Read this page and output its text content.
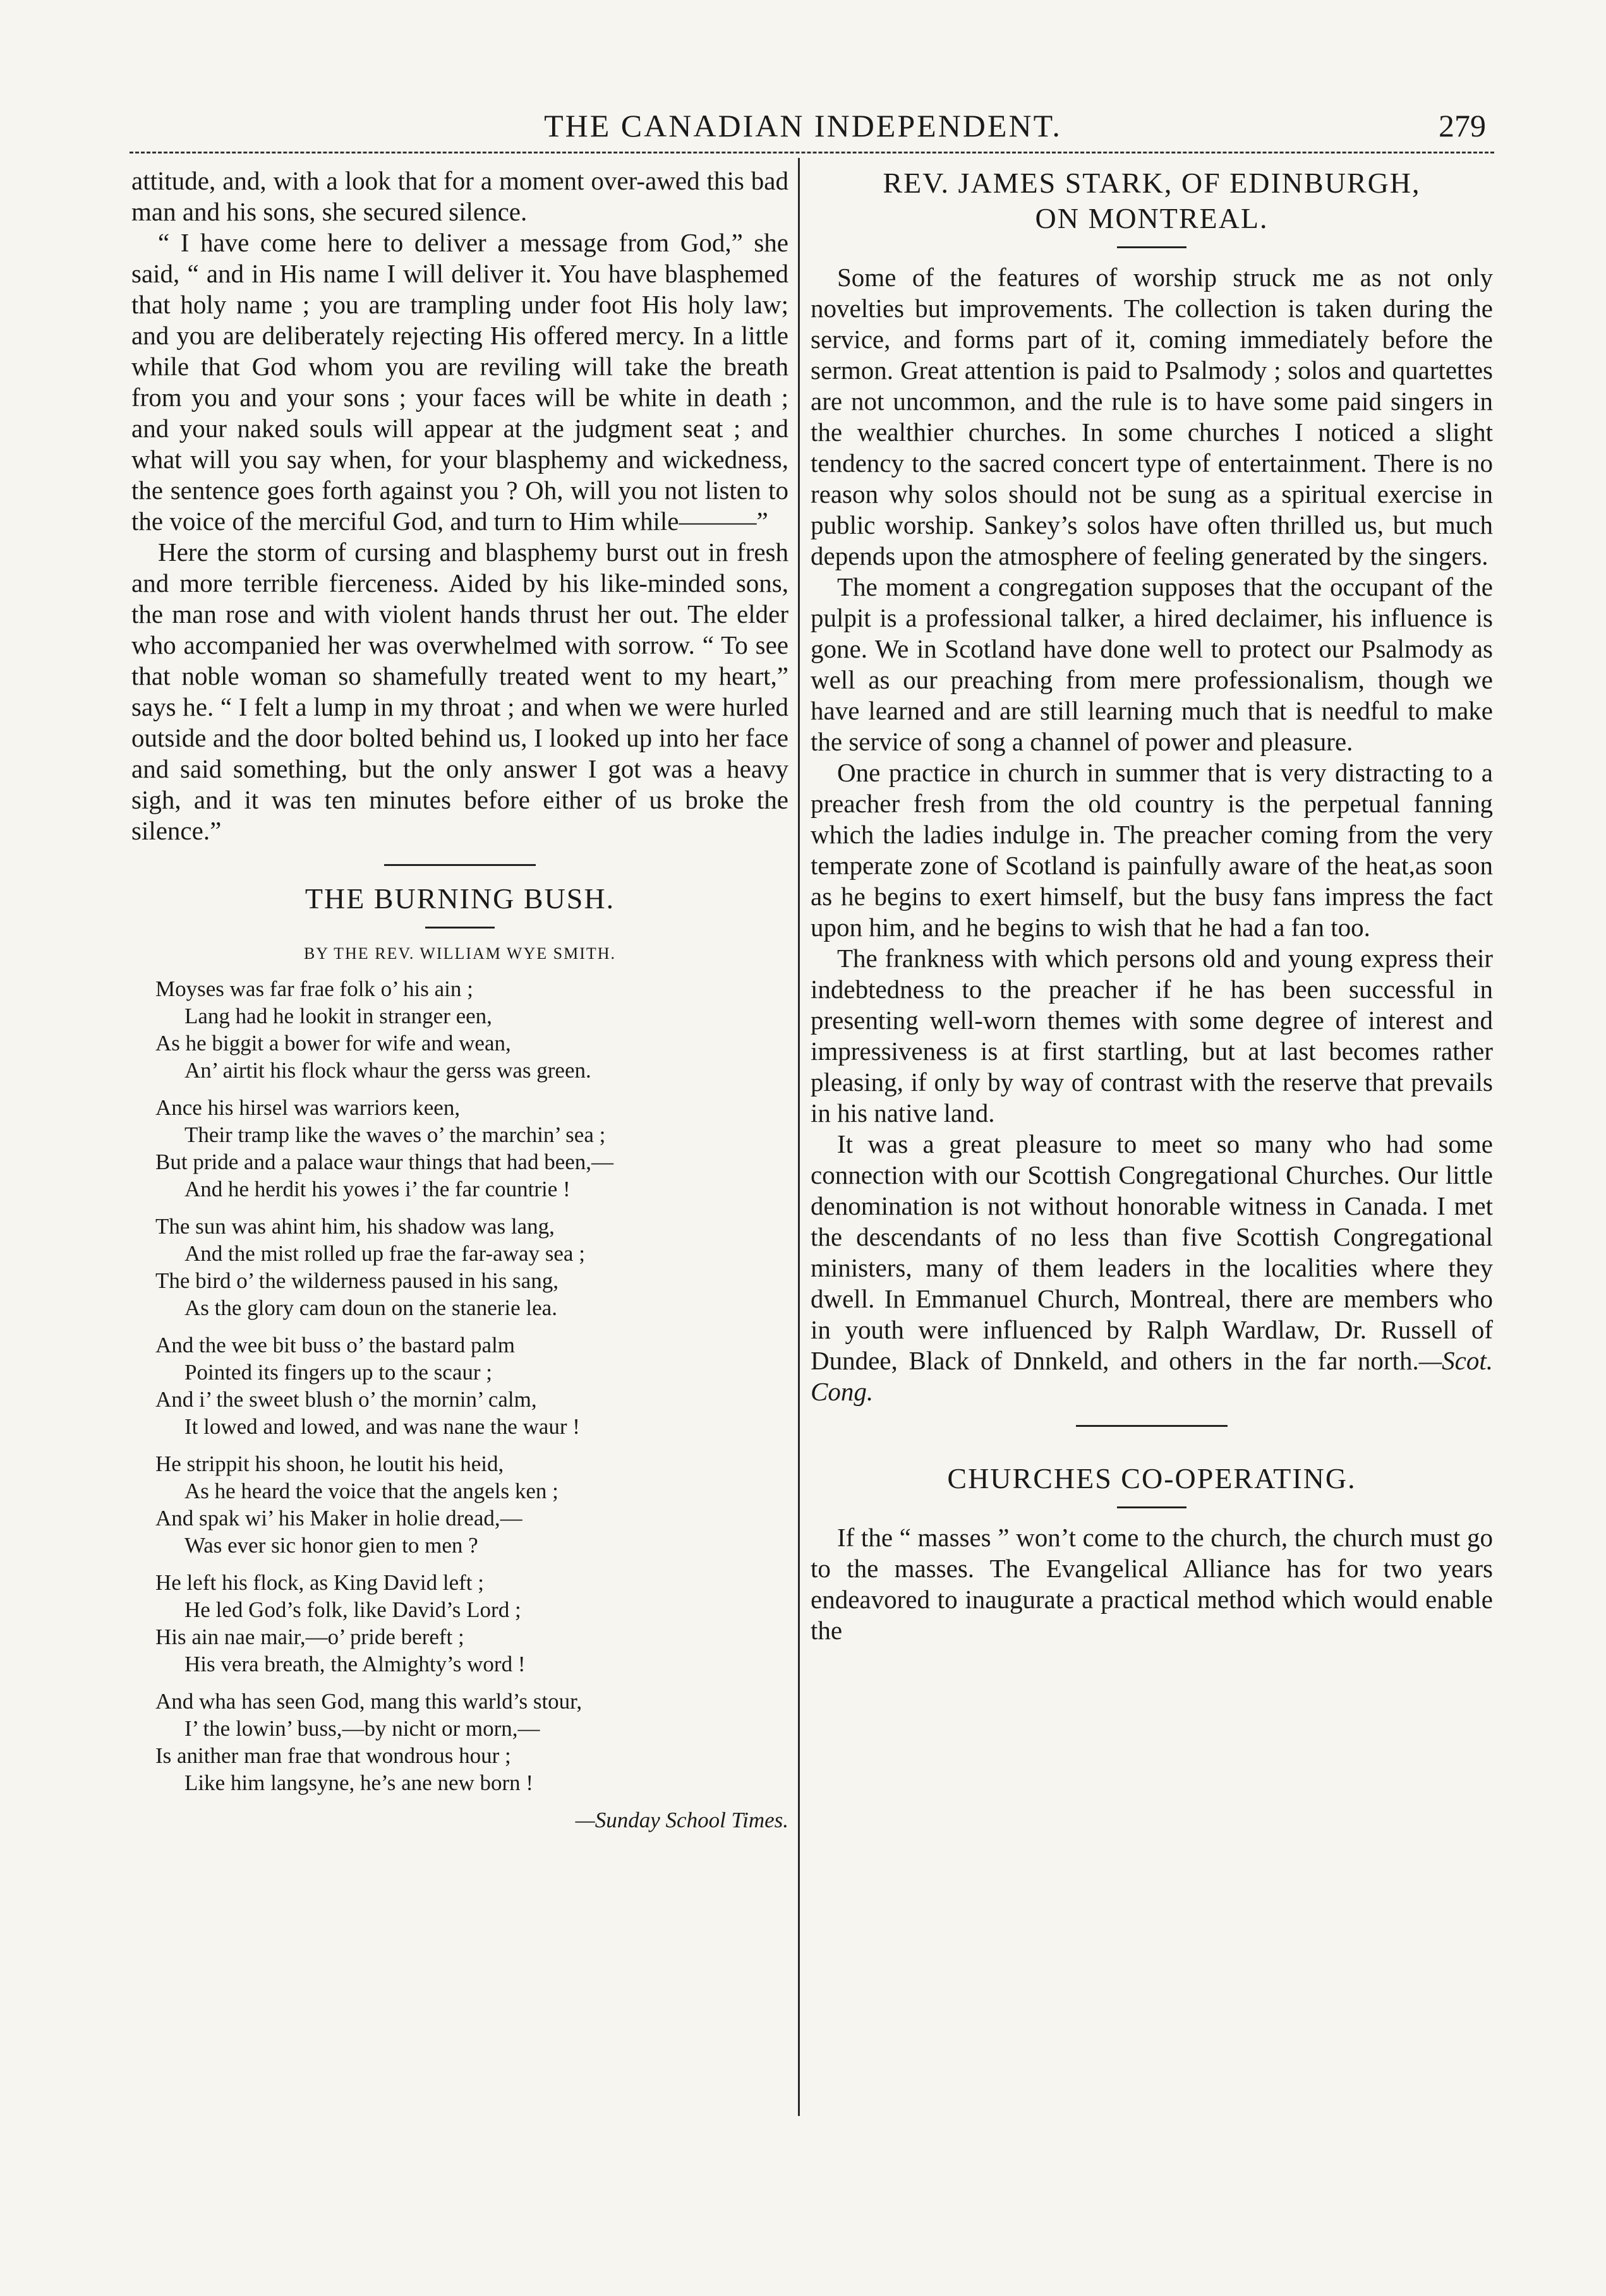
THE CANADIAN INDEPENDENT.	279

attitude, and, with a look that for a moment over-awed this bad man and his sons, she secured silence.

“ I have come here to deliver a message from God,” she said, “ and in His name I will deliver it. You have blasphemed that holy name ; you are trampling under foot His holy law; and you are deliberately rejecting His offered mercy. In a little while that God whom you are reviling will take the breath from you and your sons ; your faces will be white in death ; and your naked souls will appear at the judgment seat ; and what will you say when, for your blasphemy and wickedness, the sentence goes forth against you ? Oh, will you not listen to the voice of the merciful God, and turn to Him while———”

Here the storm of cursing and blasphemy burst out in fresh and more terrible fierceness. Aided by his like-minded sons, the man rose and with violent hands thrust her out. The elder who accompanied her was overwhelmed with sorrow. “ To see that noble woman so shamefully treated went to my heart,” says he. “ I felt a lump in my throat ; and when we were hurled outside and the door bolted behind us, I looked up into her face and said something, but the only answer I got was a heavy sigh, and it was ten minutes before either of us broke the silence.”

THE BURNING BUSH.
BY THE REV. WILLIAM WYE SMITH.
Moyses was far frae folk o’ his ain ;
Lang had he lookit in stranger een,
As he biggit a bower for wife and wean,
An’ airtit his flock whaur the gerss was green.
Ance his hirsel was warriors keen,
Their tramp like the waves o’ the marchin’ sea ;
But pride and a palace waur things that had been,—
And he herdit his yowes i’ the far countrie !
The sun was ahint him, his shadow was lang,
And the mist rolled up frae the far-away sea ;
The bird o’ the wilderness paused in his sang,
As the glory cam doun on the stanerie lea.
And the wee bit buss o’ the bastard palm
Pointed its fingers up to the scaur ;
And i’ the sweet blush o’ the mornin’ calm,
It lowed and lowed, and was nane the waur !
He strippit his shoon, he loutit his heid,
As he heard the voice that the angels ken ;
And spak wi’ his Maker in holie dread,—
Was ever sic honor gien to men ?
He left his flock, as King David left ;
He led God’s folk, like David’s Lord ;
His ain nae mair,—o’ pride bereft ;
His vera breath, the Almighty’s word !
And wha has seen God, mang this warld’s stour,
I’ the lowin’ buss,—by nicht or morn,—
Is anither man frae that wondrous hour ;
Like him langsyne, he’s ane new born !
—Sunday School Times.
REV. JAMES STARK, OF EDINBURGH,
ON MONTREAL.

Some of the features of worship struck me as not only novelties but improvements. The collection is taken during the service, and forms part of it, coming immediately before the sermon. Great attention is paid to Psalmody ; solos and quartettes are not uncommon, and the rule is to have some paid singers in the wealthier churches. In some churches I noticed a slight tendency to the sacred concert type of entertainment. There is no reason why solos should not be sung as a spiritual exercise in public worship. Sankey’s solos have often thrilled us, but much depends upon the atmosphere of feeling generated by the singers.

The moment a congregation supposes that the occupant of the pulpit is a professional talker, a hired declaimer, his influence is gone. We in Scotland have done well to protect our Psalmody as well as our preaching from mere professionalism, though we have learned and are still learning much that is needful to make the service of song a channel of power and pleasure.

One practice in church in summer that is very distracting to a preacher fresh from the old country is the perpetual fanning which the ladies indulge in. The preacher coming from the very temperate zone of Scotland is painfully aware of the heat,as soon as he begins to exert himself, but the busy fans impress the fact upon him, and he begins to wish that he had a fan too.

The frankness with which persons old and young express their indebtedness to the preacher if he has been successful in presenting well-worn themes with some degree of interest and impressiveness is at first startling, but at last becomes rather pleasing, if only by way of contrast with the reserve that prevails in his native land.

It was a great pleasure to meet so many who had some connection with our Scottish Congregational Churches. Our little denomination is not without honorable witness in Canada. I met the descendants of no less than five Scottish Congregational ministers, many of them leaders in the localities where they dwell. In Emmanuel Church, Montreal, there are members who in youth were influenced by Ralph Wardlaw, Dr. Russell of Dundee, Black of Dnnkeld, and others in the far north.—Scot. Cong.

CHURCHES CO-OPERATING.

If the “ masses ” won’t come to the church, the church must go to the masses. The Evangelical Alliance has for two years endeavored to inaugurate a practical method which would enable the
